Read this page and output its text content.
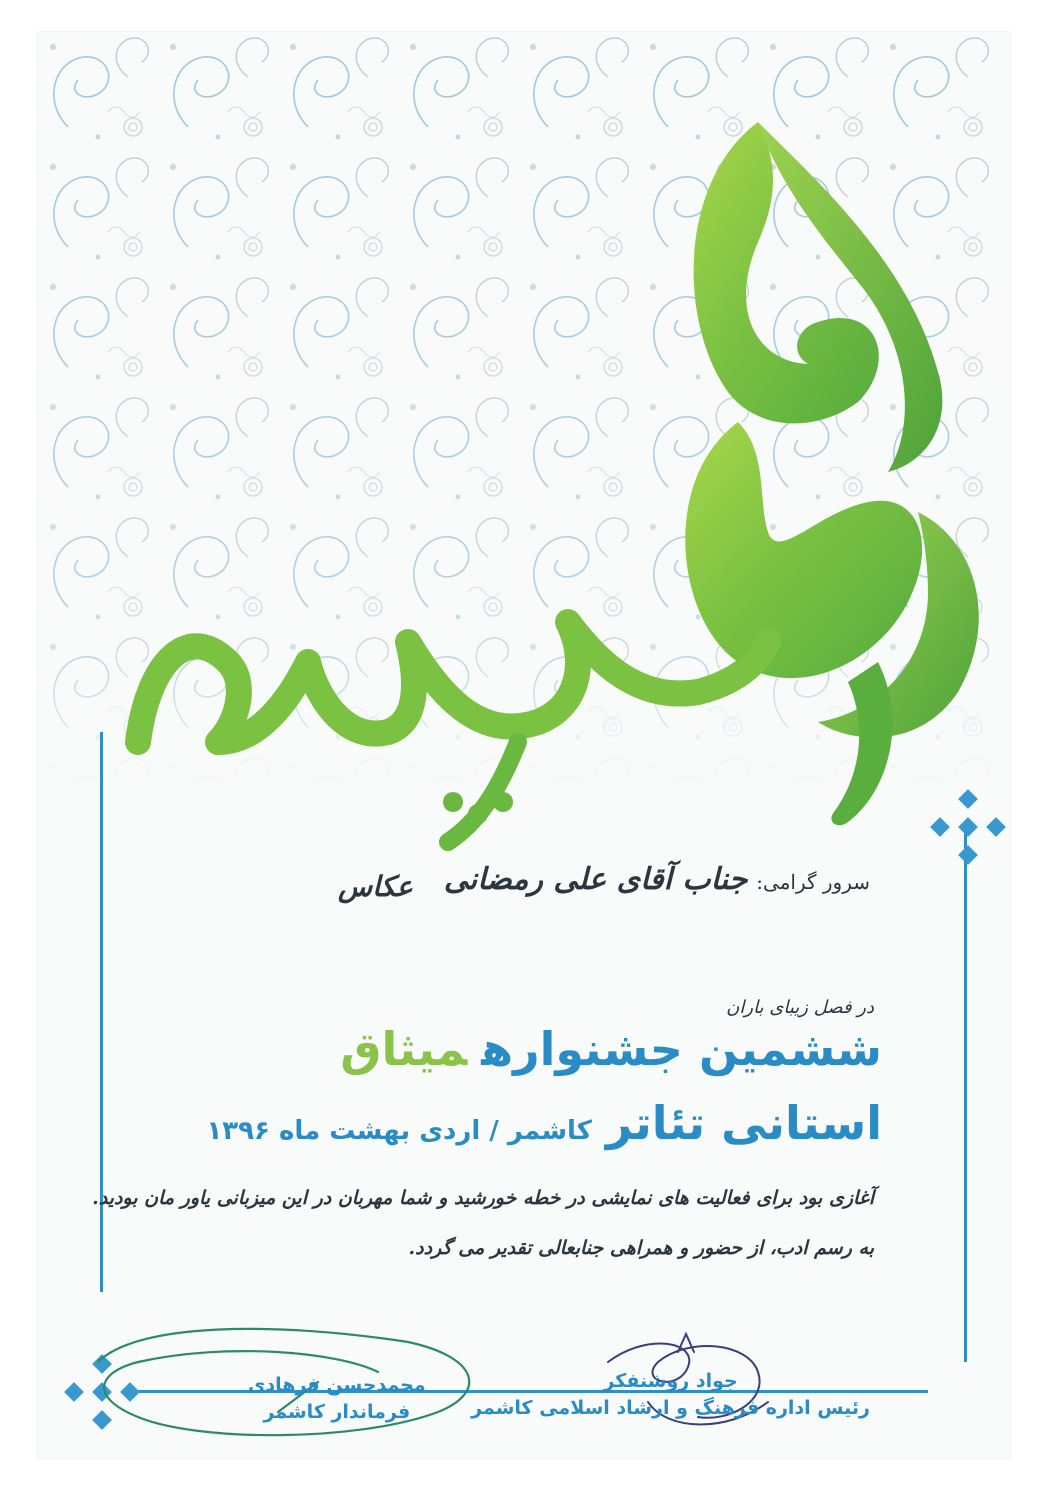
سرور گرامی: جناب آقای علی رمضانی
عکاس
در فصل زیبای باران
ششمین جشنوارهمیثاق
استانی تئاترکاشمر / اردی بهشت ماه ۱۳۹۶
آغازی بود برای فعالیت های نمایشی در خطه خورشید و شما مهربان در این میزبانی یاور مان بودید.
به رسم ادب، از حضور و همراهی جنابعالی تقدیر می گردد.
جواد روشنفکر
رئیس اداره فرهنگ و ارشاد اسلامی کاشمر
محمدحسن فرهادی
فرماندار کاشمر
